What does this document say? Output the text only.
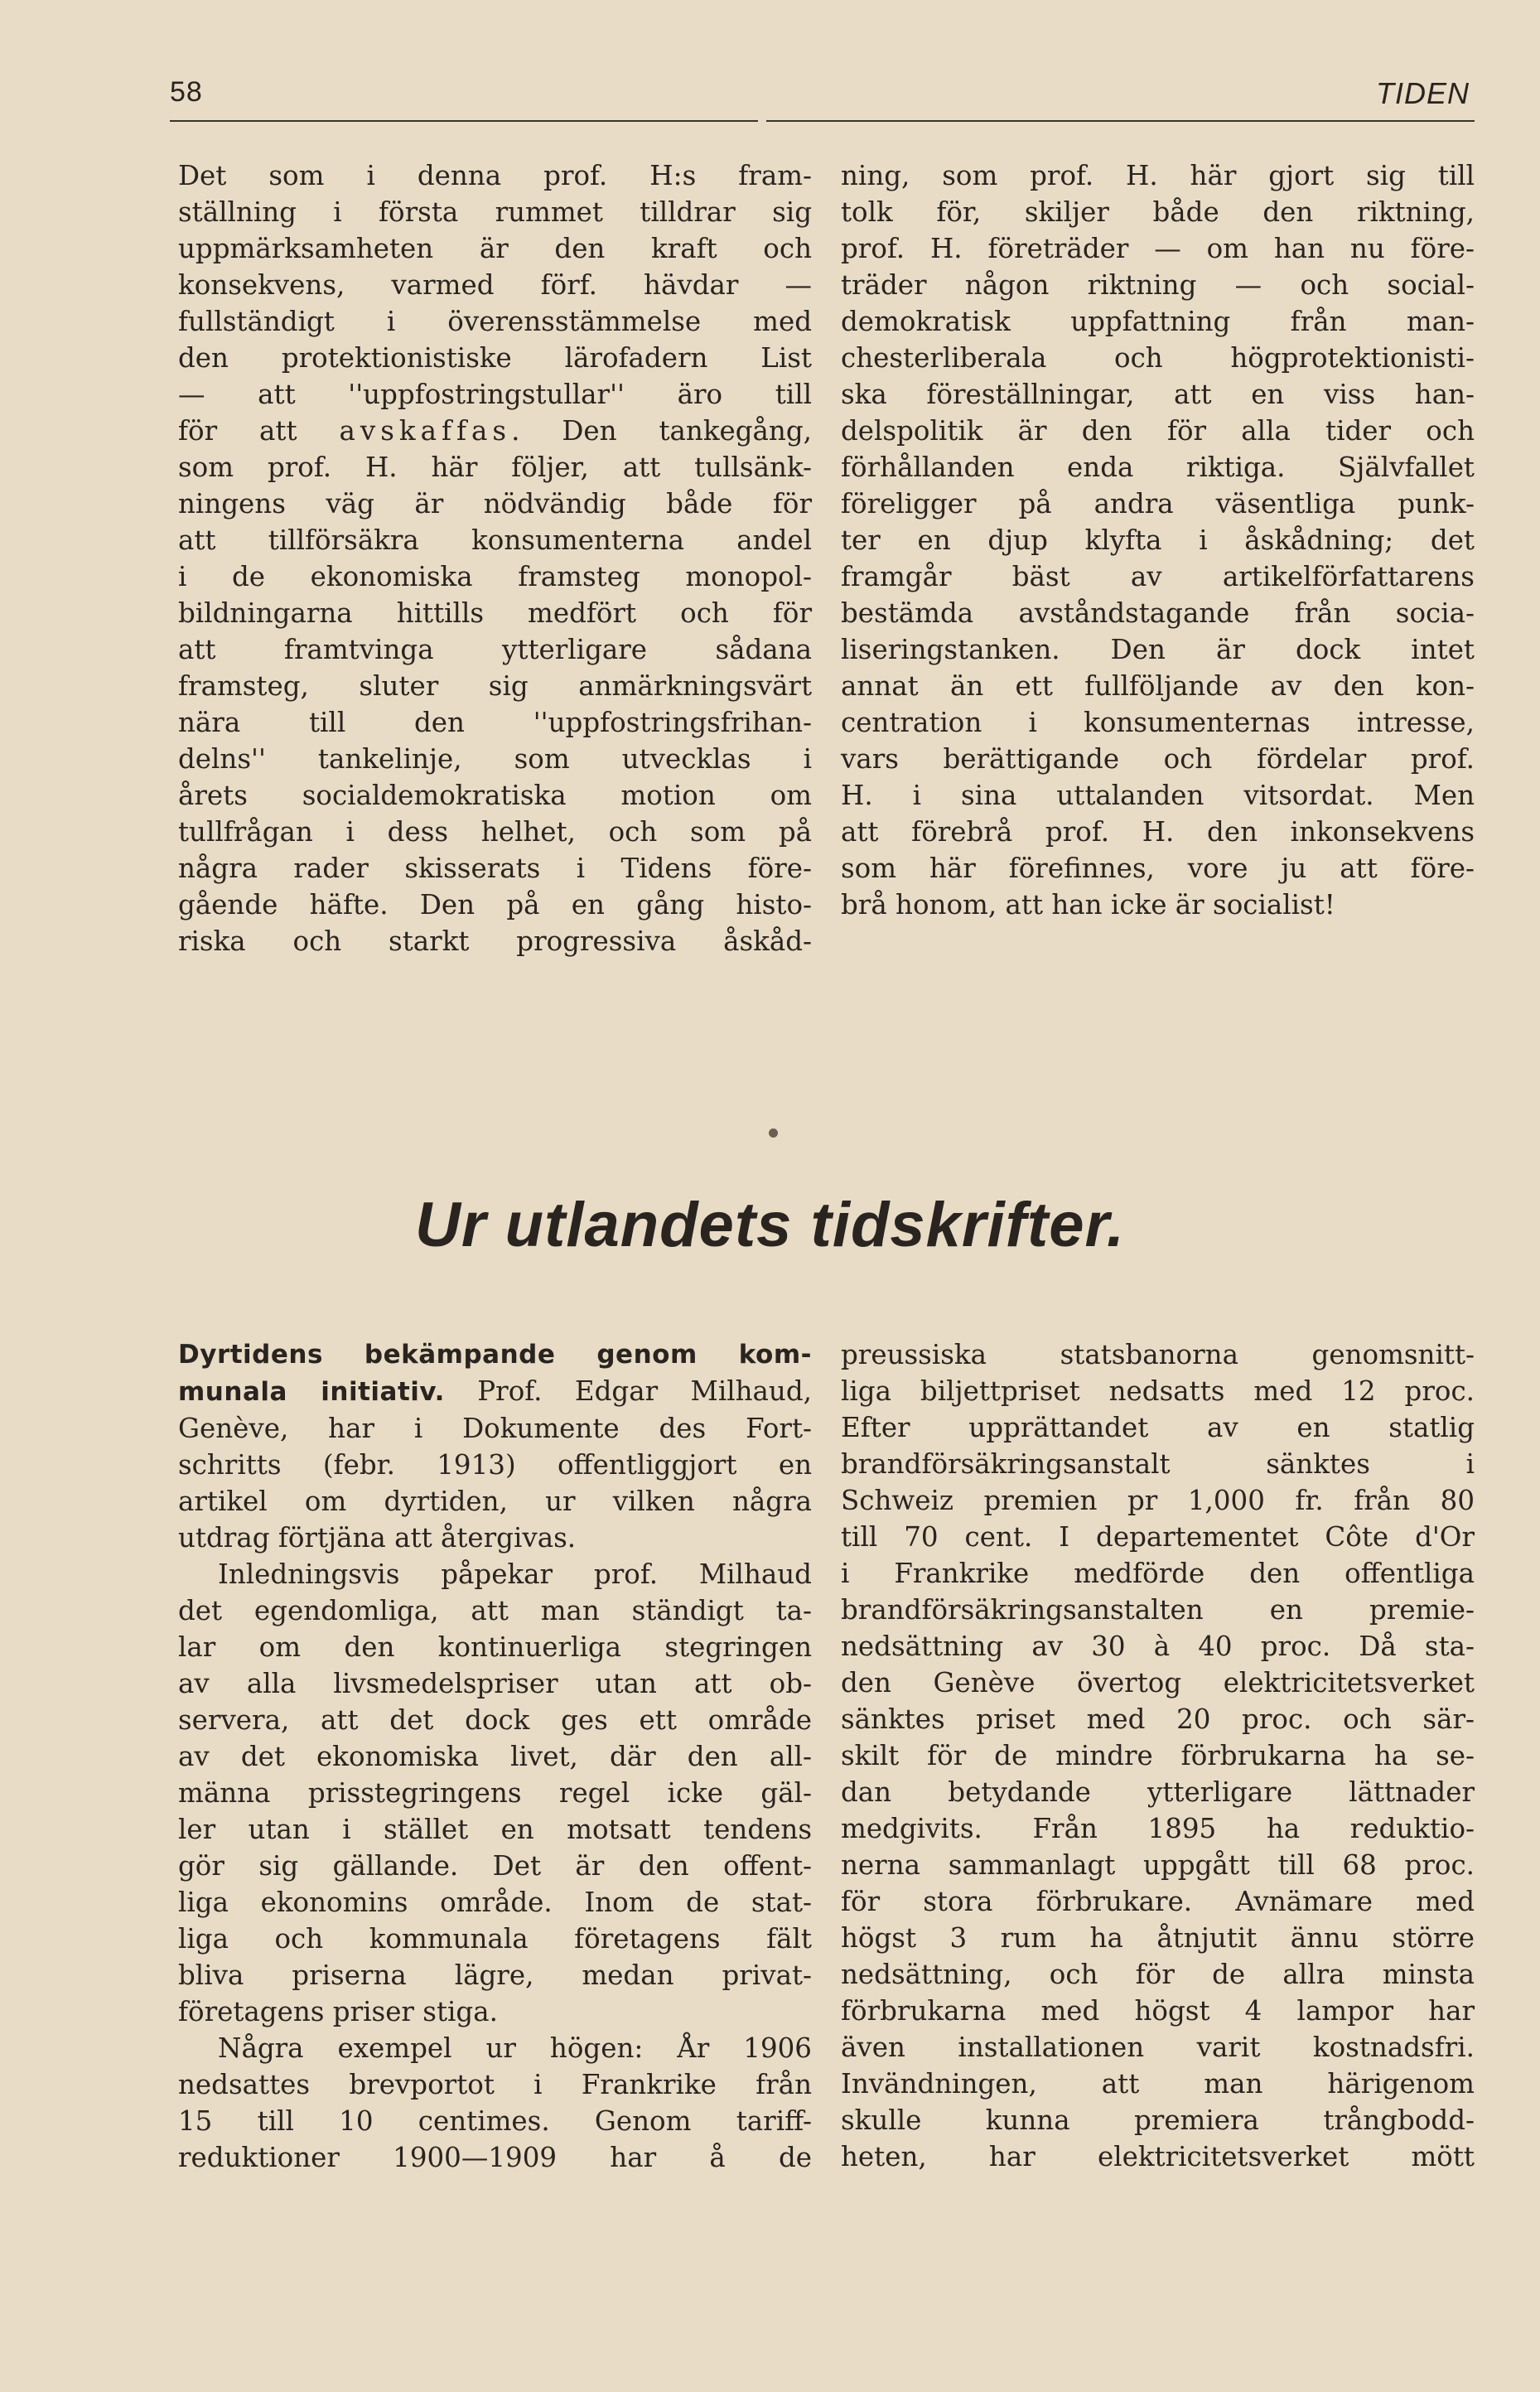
58	TIDEN

Det som i denna prof. H:s fram-

ställning i första rummet tilldrar sig

uppmärksamheten är den kraft och

konsekvens, varmed förf. hävdar —

fullständigt i överensstämmelse med

den protektionistiske lärofadern List

— att ''uppfostringstullar'' äro till

för att avskaffas. Den tankegång,

som prof. H. här följer, att tullsänk-

ningens väg är nödvändig både för

att tillförsäkra konsumenterna andel

i de ekonomiska framsteg monopol-

bildningarna hittills medfört och för

att framtvinga ytterligare sådana

framsteg, sluter sig anmärkningsvärt

nära till den ''uppfostringsfrihan-

delns'' tankelinje, som utvecklas i

årets socialdemokratiska motion om

tullfrågan i dess helhet, och som på

några rader skisserats i Tidens före-

gående häfte. Den på en gång histo-

riska och starkt progressiva åskåd-

ning, som prof. H. här gjort sig till

tolk för, skiljer både den riktning,

prof. H. företräder — om han nu före-

träder någon riktning — och social-

demokratisk uppfattning från man-

chesterliberala och högprotektionisti-

ska föreställningar, att en viss han-

delspolitik är den för alla tider och

förhållanden enda riktiga. Självfallet

föreligger på andra väsentliga punk-

ter en djup klyfta i åskådning; det

framgår bäst av artikelförfattarens

bestämda avståndstagande från socia-

liseringstanken. Den är dock intet

annat än ett fullföljande av den kon-

centration i konsumenternas intresse,

vars berättigande och fördelar prof.

H. i sina uttalanden vitsordat. Men

att förebrå prof. H. den inkonsekvens

som här förefinnes, vore ju att före-

brå honom, att han icke är socialist!

Ur utlandets tidskrifter.

Dyrtidens bekämpande genom kom-

munala initiativ. Prof. Edgar Milhaud,

Genève, har i Dokumente des Fort-

schritts (febr. 1913) offentliggjort en

artikel om dyrtiden, ur vilken några

utdrag förtjäna att återgivas.

Inledningsvis påpekar prof. Milhaud

det egendomliga, att man ständigt ta-

lar om den kontinuerliga stegringen

av alla livsmedelspriser utan att ob-

servera, att det dock ges ett område

av det ekonomiska livet, där den all-

männa prisstegringens regel icke gäl-

ler utan i stället en motsatt tendens

gör sig gällande. Det är den offent-

liga ekonomins område. Inom de stat-

liga och kommunala företagens fält

bliva priserna lägre, medan privat-

företagens priser stiga.

Några exempel ur högen: År 1906

nedsattes brevportot i Frankrike från

15 till 10 centimes. Genom tariff-

reduktioner 1900—1909 har å de

preussiska statsbanorna genomsnitt-

liga biljettpriset nedsatts med 12 proc.

Efter upprättandet av en statlig

brandförsäkringsanstalt sänktes i

Schweiz premien pr 1,000 fr. från 80

till 70 cent. I departementet Côte d'Or

i Frankrike medförde den offentliga

brandförsäkringsanstalten en premie-

nedsättning av 30 à 40 proc. Då sta-

den Genève övertog elektricitetsverket

sänktes priset med 20 proc. och sär-

skilt för de mindre förbrukarna ha se-

dan betydande ytterligare lättnader

medgivits. Från 1895 ha reduktio-

nerna sammanlagt uppgått till 68 proc.

för stora förbrukare. Avnämare med

högst 3 rum ha åtnjutit ännu större

nedsättning, och för de allra minsta

förbrukarna med högst 4 lampor har

även installationen varit kostnadsfri.

Invändningen, att man härigenom

skulle kunna premiera trångbodd-

heten, har elektricitetsverket mött
